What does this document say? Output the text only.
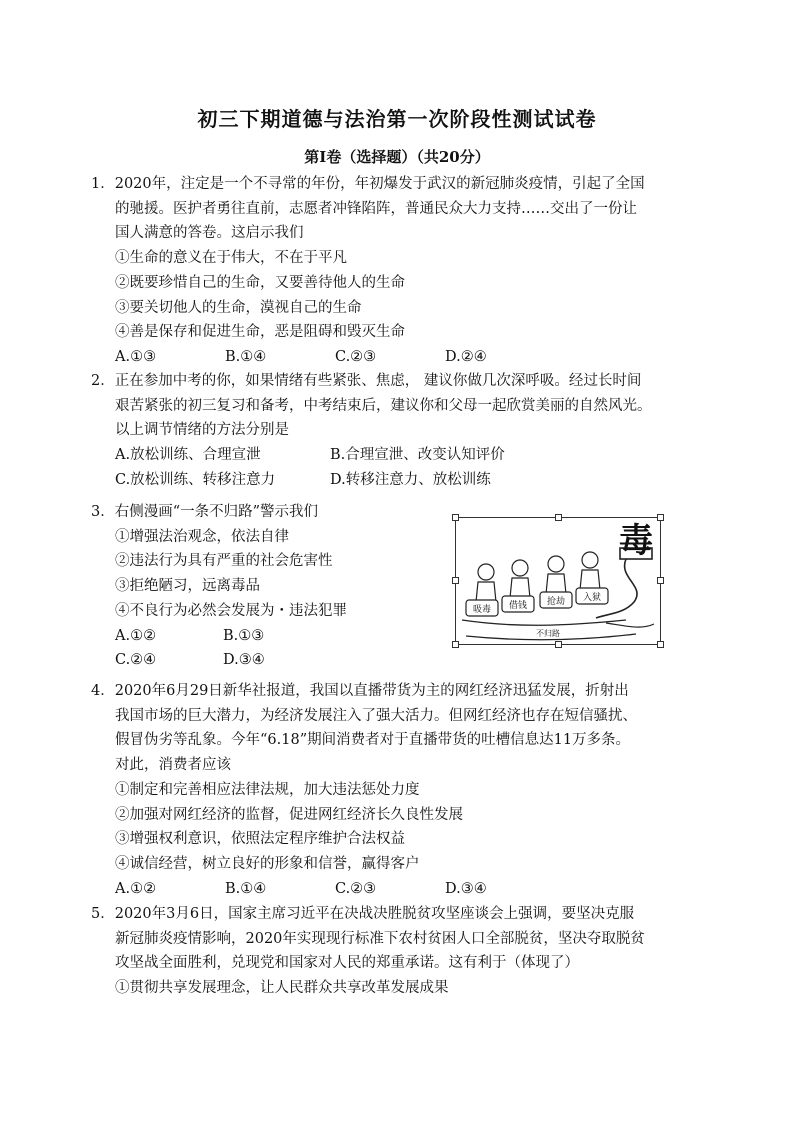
初三下期道德与法治第一次阶段性测试试卷
第Ⅰ卷（选择题）（共20分）
1．2020年，注定是一个不寻常的年份，年初爆发于武汉的新冠肺炎疫情，引起了全国
的驰援。医护者勇往直前，志愿者冲锋陷阵，普通民众大力支持……交出了一份让
国人满意的答卷。这启示我们
①生命的意义在于伟大，不在于平凡
②既要珍惜自己的生命，又要善待他人的生命
③要关切他人的生命，漠视自己的生命
④善是保存和促进生命，恶是阻碍和毁灭生命
A.①③	B.①④	C.②③	D.②④
2．正在参加中考的你，如果情绪有些紧张、焦虑， 建议你做几次深呼吸。经过长时间
艰苦紧张的初三复习和备考，中考结束后，建议你和父母一起欣赏美丽的自然风光。
以上调节情绪的方法分别是
A.放松训练、合理宣泄	B.合理宣泄、改变认知评价
C.放松训练、转移注意力	D.转移注意力、放松训练
3．右侧漫画“一条不归路”警示我们
①增强法治观念，依法自律
②违法行为具有严重的社会危害性
③拒绝陋习，远离毒品
④不良行为必然会发展为・违法犯罪
A.①②	B.①③
C.②④	D.③④
毒
不归路
吸毒 借钱 抢劫 入狱
4．2020年6月29日新华社报道，我国以直播带货为主的网红经济迅猛发展，折射出
我国市场的巨大潜力，为经济发展注入了强大活力。但网红经济也存在短信骚扰、
假冒伪劣等乱象。今年“6.18”期间消费者对于直播带货的吐槽信息达11万多条。
对此，消费者应该
①制定和完善相应法律法规，加大违法惩处力度
②加强对网红经济的监督，促进网红经济长久良性发展
③增强权利意识，依照法定程序维护合法权益
④诚信经营，树立良好的形象和信誉，赢得客户
A.①②	B.①④	C.②③	D.③④
5．2020年3月6日，国家主席习近平在决战决胜脱贫攻坚座谈会上强调，要坚决克服
新冠肺炎疫情影响，2020年实现现行标准下农村贫困人口全部脱贫，坚决夺取脱贫
攻坚战全面胜利，兑现党和国家对人民的郑重承诺。这有利于（体现了）
①贯彻共享发展理念，让人民群众共享改革发展成果
